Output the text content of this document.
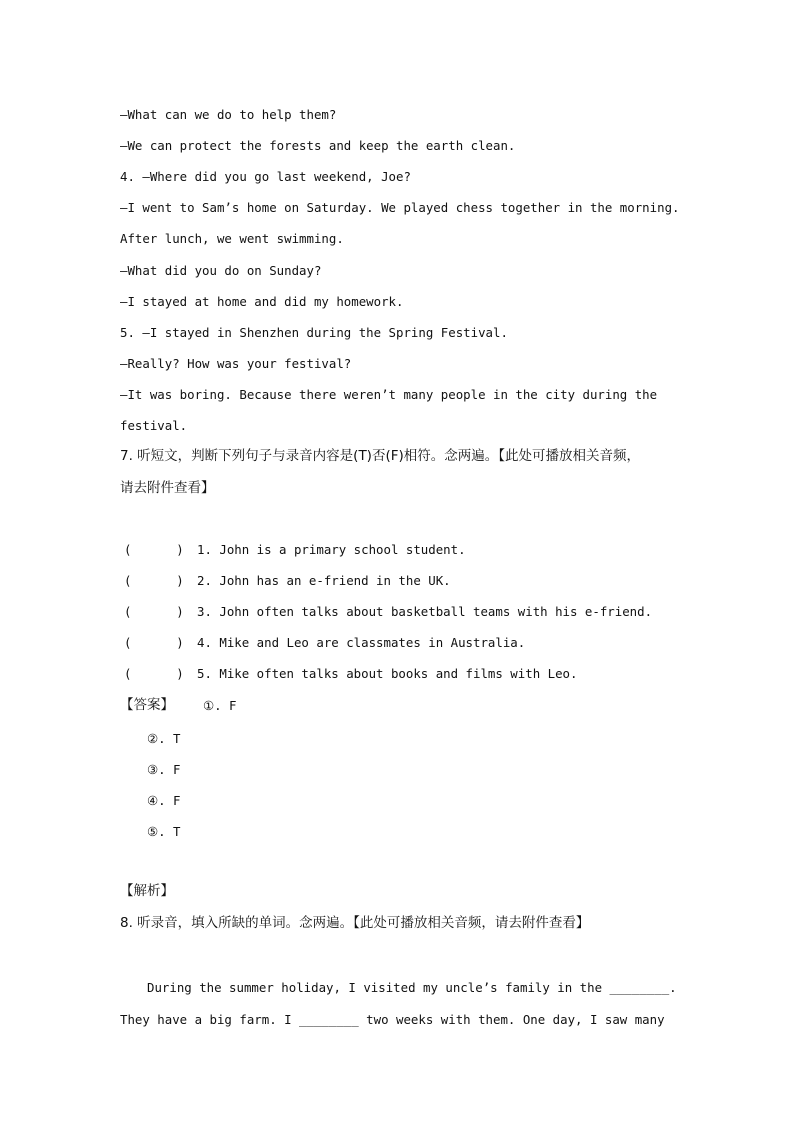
—What can we do to help them?
—We can protect the forests and keep the earth clean.
4. —Where did you go last weekend, Joe?
—I went to Sam’s home on Saturday. We played chess together in the morning.
After lunch, we went swimming.
—What did you do on Sunday?
—I stayed at home and did my homework.
5. —I stayed in Shenzhen during the Spring Festival.
—Really? How was your festival?
—It was boring. Because there weren’t many people in the city during the
festival.
7. 听短文，判断下列句子与录音内容是(T)否(F)相符。念两遍。【此处可播放相关音频，
请去附件查看】
(      ) 1. John is a primary school student.
(      ) 2. John has an e-friend in the UK.
(      ) 3. John often talks about basketball teams with his e-friend.
(      ) 4. Mike and Leo are classmates in Australia.
(      ) 5. Mike often talks about books and films with Leo.
【答案】 ①. F
②. T
③. F
④. F
⑤. T
【解析】
8. 听录音，填入所缺的单词。念两遍。【此处可播放相关音频，请去附件查看】
During the summer holiday, I visited my uncle’s family in the ________.
They have a big farm. I ________ two weeks with them. One day, I saw many
